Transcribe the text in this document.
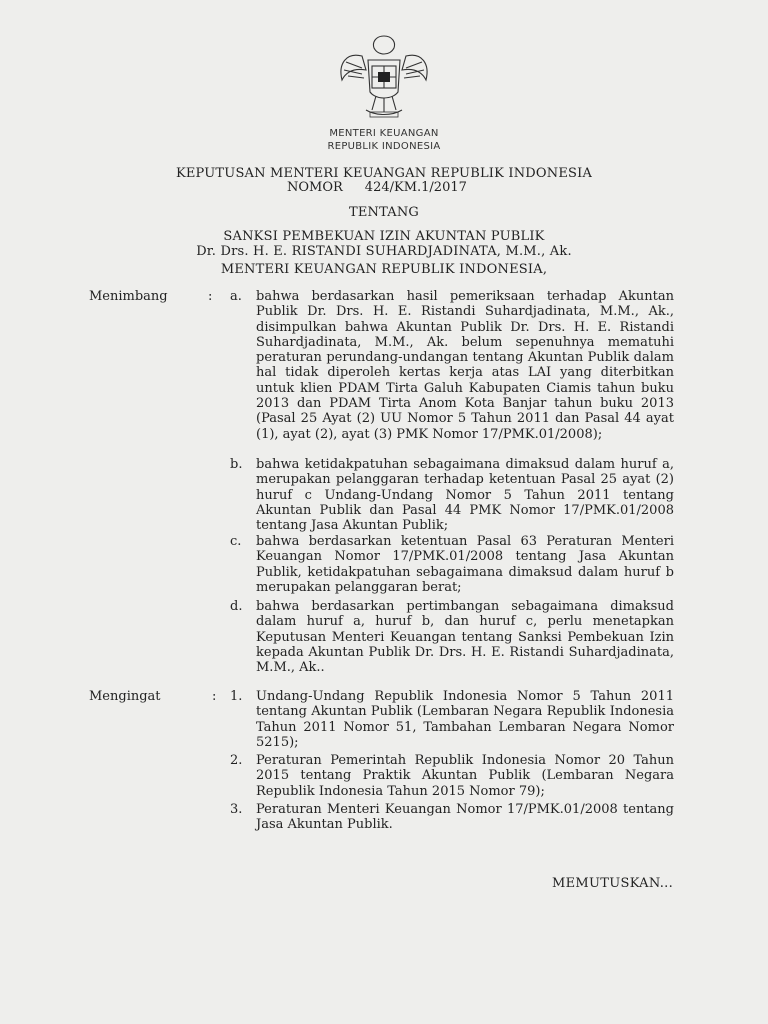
MENTERI KEUANGAN
REPUBLIK INDONESIA
KEPUTUSAN MENTERI KEUANGAN REPUBLIK INDONESIA
NOMOR 424/KM.1/2017
TENTANG
SANKSI PEMBEKUAN IZIN AKUNTAN PUBLIK
Dr. Drs. H. E. RISTANDI SUHARDJADINATA, M.M., Ak.
MENTERI KEUANGAN REPUBLIK INDONESIA,
Menimbang	: a. bahwa berdasarkan hasil pemeriksaan terhadap Akuntan Publik Dr. Drs. H. E. Ristandi Suhardjadinata, M.M., Ak., disimpulkan bahwa Akuntan Publik Dr. Drs. H. E. Ristandi Suhardjadinata, M.M., Ak. belum sepenuhnya mematuhi peraturan perundang-undangan tentang Akuntan Publik dalam hal tidak diperoleh kertas kerja atas LAI yang diterbitkan untuk klien PDAM Tirta Galuh Kabupaten Ciamis tahun buku 2013 dan PDAM Tirta Anom Kota Banjar tahun buku 2013 (Pasal 25 Ayat (2) UU Nomor 5 Tahun 2011 dan Pasal 44 ayat (1), ayat (2), ayat (3) PMK Nomor 17/PMK.01/2008);
b. bahwa ketidakpatuhan sebagaimana dimaksud dalam huruf a, merupakan pelanggaran terhadap ketentuan Pasal 25 ayat (2) huruf c Undang-Undang Nomor 5 Tahun 2011 tentang Akuntan Publik dan Pasal 44 PMK Nomor 17/PMK.01/2008 tentang Jasa Akuntan Publik;
c. bahwa berdasarkan ketentuan Pasal 63 Peraturan Menteri Keuangan Nomor 17/PMK.01/2008 tentang Jasa Akuntan Publik, ketidakpatuhan sebagaimana dimaksud dalam huruf b merupakan pelanggaran berat;
d. bahwa berdasarkan pertimbangan sebagaimana dimaksud dalam huruf a, huruf b, dan huruf c, perlu menetapkan Keputusan Menteri Keuangan tentang Sanksi Pembekuan Izin kepada Akuntan Publik Dr. Drs. H. E. Ristandi Suhardjadinata, M.M., Ak..
Mengingat	: 1. Undang-Undang Republik Indonesia Nomor 5 Tahun 2011 tentang Akuntan Publik (Lembaran Negara Republik Indonesia Tahun 2011 Nomor 51, Tambahan Lembaran Negara Nomor 5215);
2. Peraturan Pemerintah Republik Indonesia Nomor 20 Tahun 2015 tentang Praktik Akuntan Publik (Lembaran Negara Republik Indonesia Tahun 2015 Nomor 79);
3. Peraturan Menteri Keuangan Nomor 17/PMK.01/2008 tentang Jasa Akuntan Publik.
MEMUTUSKAN...
